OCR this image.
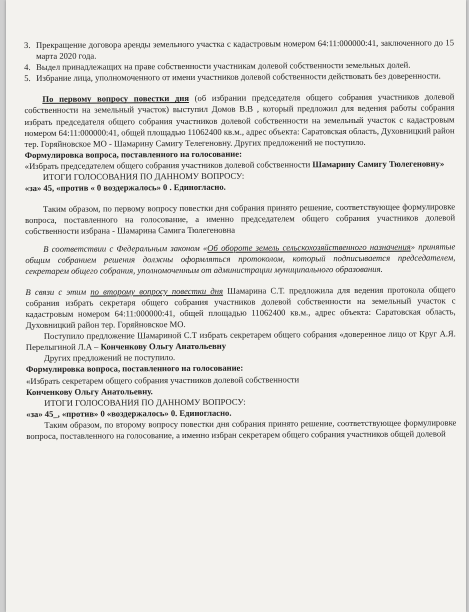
3. Прекращение договора аренды земельного участка с кадастровым номером 64:11:000000:41, заключенного до 15 марта 2020 года.
4. Выдел принадлежащих на праве собственности участникам долевой собственности земельных долей.
5. Избрание лица, уполномоченного от имени участников долевой собственности действовать без доверенности.

По первому вопросу повестки дня (об избрании председателя общего собрания участников долевой собственности на земельный участок) выступил Домов В.В , который предложил для ведения работы собрания избрать председателя общего собрания участников долевой собственности на земельный участок с кадастровым номером 64:11:000000:41, общей площадью 11062400 кв.м., адрес объекта: Саратовская область, Духовницкий район тер. Горяйновское МО - Шамарину Самигу Телегеновну. Других предложений не поступило.

Формулировка вопроса, поставленного на голосование:

«Избрать председателем общего собрания участников долевой собственности Шамарину Самигу Тюлегеновну»

ИТОГИ ГОЛОСОВАНИЯ ПО ДАННОМУ ВОПРОСУ:

«за» 45, «против « 0 воздержалось» 0 . Единогласно.

Таким образом, по первому вопросу повестки дня собрания принято решение, соответствующее формулировке вопроса, поставленного на голосование, а именно председателем общего собрания участников долевой собственности избрана - Шамарина Самига Тюлегеновна

В соответствии с Федеральным законом «Об обороте земель сельскохозяйственного назначения» принятые общим собранием решения должны оформляться протоколом, который подписывается председателем, секретарем общего собрания, уполномоченным от администрации муниципального образования.

В связи с этим по второму вопросу повестки дня Шамарина С.Т. предложила для ведения протокола общего собрания избрать секретаря общего собрания участников долевой собственности на земельный участок с кадастровым номером 64:11:000000:41, общей площадью 11062400 кв.м., адрес объекта: Саратовская область, Духовницкий район тер. Горяйновское МО.

Поступило предложение Шамариной С.Т избрать секретарем общего собрания «доверенное лицо от Круг А.Я. Перелыгиной Л.А – Конченкову Ольгу Анатольевну

Других предложений не поступило.

Формулировка вопроса, поставленного на голосование:

«Избрать секретарем общего собрания участников долевой собственности

Конченкову Ольгу Анатольевну.

ИТОГИ ГОЛОСОВАНИЯ ПО ДАННОМУ ВОПРОСУ:

«за» 45_, «против» 0 «воздержалось» 0. Единогласно.

Таким образом, по второму вопросу повестки дня собрания принято решение, соответствующее формулировке вопроса, поставленного на голосование, а именно избран секретарем общего собрания участников общей долевой
